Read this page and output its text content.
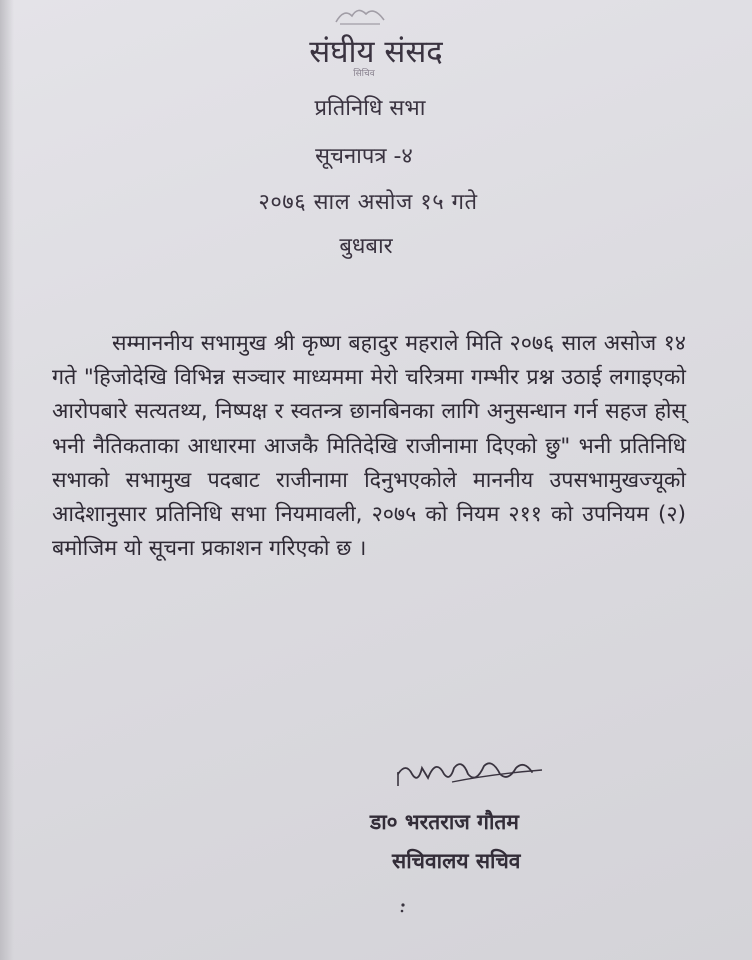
संघीय संसद
सिचिव
प्रतिनिधि सभा
सूचनापत्र -४
२०७६ साल असोज १५ गते
बुधबार

सम्माननीय सभामुख श्री कृष्ण बहादुर महराले मिति २०७६ साल असोज १४ गते "हिजोदेखि विभिन्न सञ्चार माध्यममा मेरो चरित्रमा गम्भीर प्रश्न उठाई लगाइएको आरोपबारे सत्यतथ्य, निष्पक्ष र स्वतन्त्र छानबिनका लागि अनुसन्धान गर्न सहज होस् भनी नैतिकताका आधारमा आजकै मितिदेखि राजीनामा दिएको छु" भनी प्रतिनिधि सभाको सभामुख पदबाट राजीनामा दिनुभएकोले माननीय उपसभामुखज्यूको आदेशानुसार प्रतिनिधि सभा नियमावली, २०७५ को नियम २११ को उपनियम (२) बमोजिम यो सूचना प्रकाशन गरिएको छ ।

डा० भरतराज गौतम
सचिवालय सचिव
